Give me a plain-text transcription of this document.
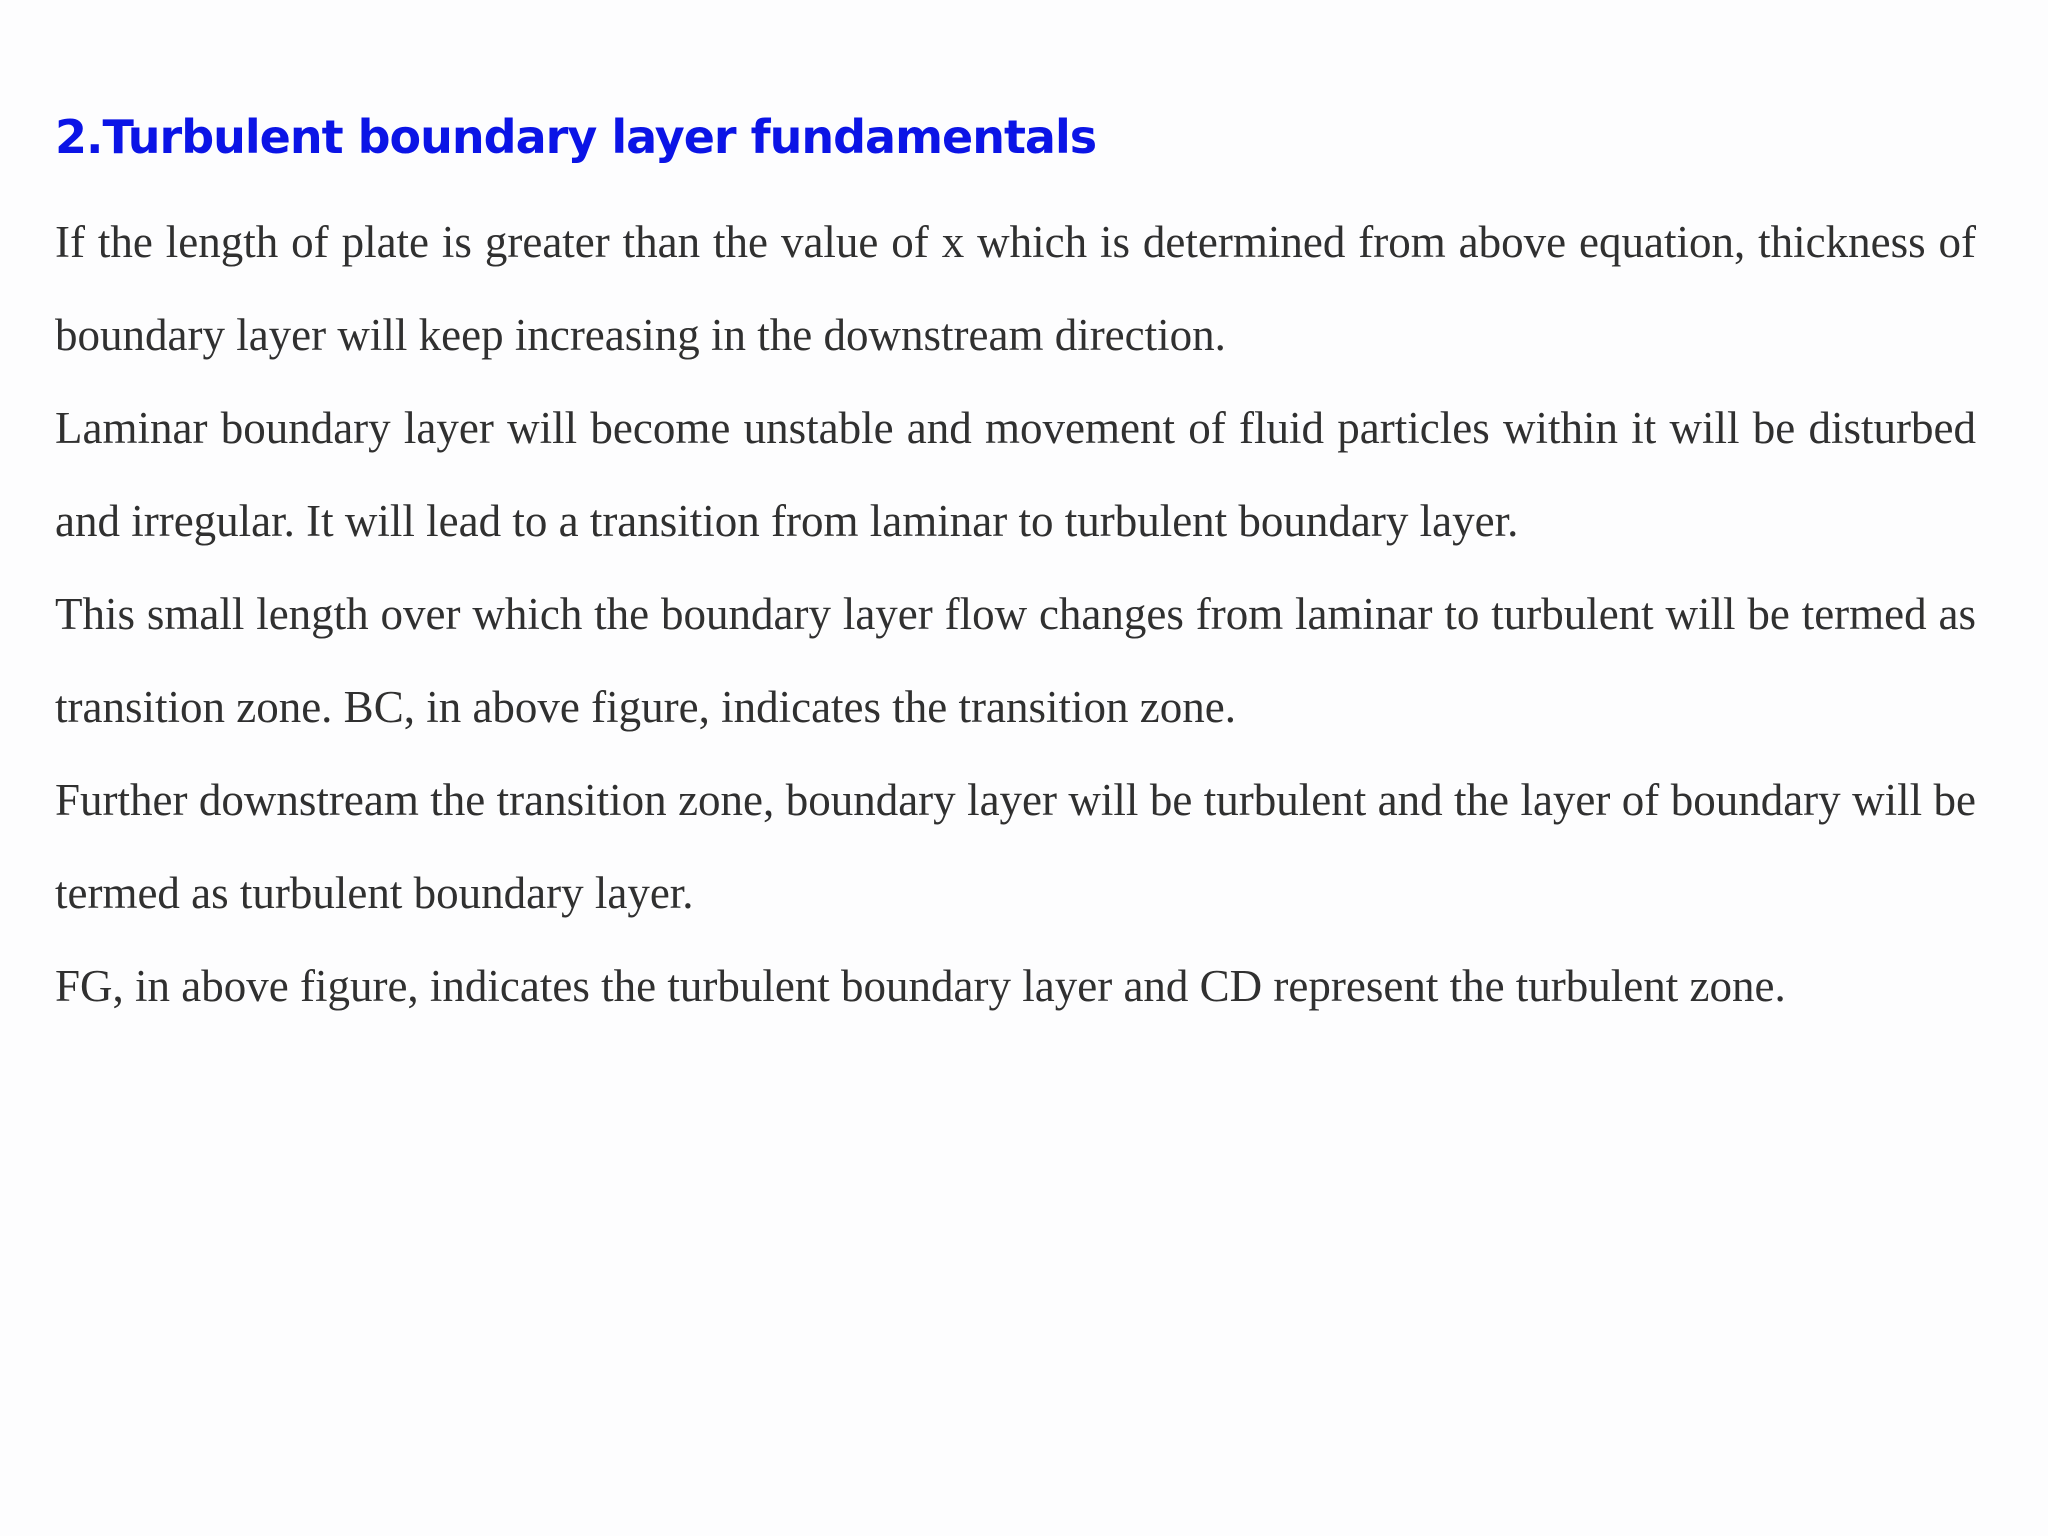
2.Turbulent boundary layer fundamentals

If the length of plate is greater than the value of x which is determined from above equation, thickness of boundary layer will keep increasing in the downstream direction.

Laminar boundary layer will become unstable and movement of fluid particles within it will be disturbed and irregular. It will lead to a transition from laminar to turbulent boundary layer.

This small length over which the boundary layer flow changes from laminar to turbulent will be termed as transition zone. BC, in above figure, indicates the transition zone.

Further downstream the transition zone, boundary layer will be turbulent and the layer of boundary will be termed as turbulent boundary layer.

FG, in above figure, indicates the turbulent boundary layer and CD represent the turbulent zone.
